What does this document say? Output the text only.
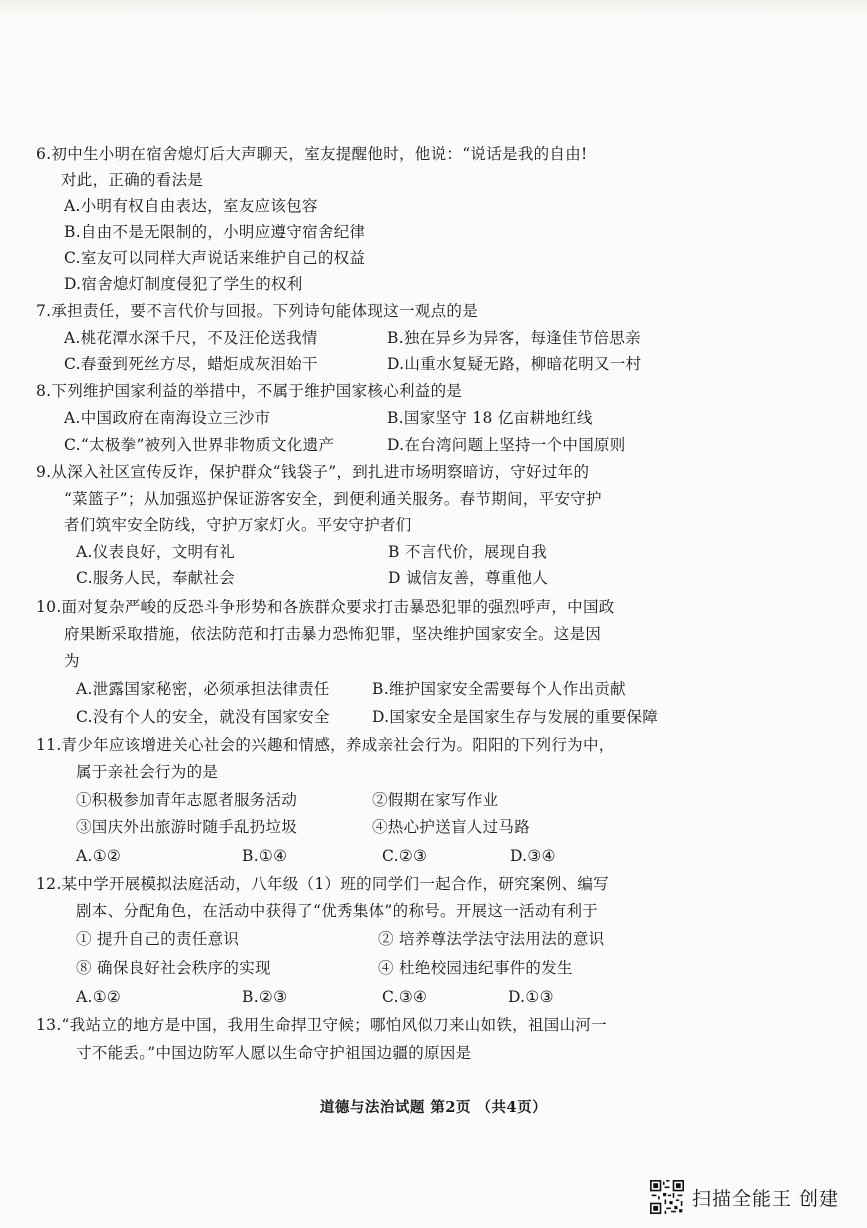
6.初中生小明在宿舍熄灯后大声聊天，室友提醒他时，他说：“说话是我的自由!
对此，正确的看法是
A.小明有权自由表达，室友应该包容
B.自由不是无限制的，小明应遵守宿舍纪律
C.室友可以同样大声说话来维护自己的权益
D.宿舍熄灯制度侵犯了学生的权利
7.承担责任，要不言代价与回报。下列诗句能体现这一观点的是
A.桃花潭水深千尺，不及汪伦送我情	B.独在异乡为异客，每逢佳节倍思亲
C.春蚕到死丝方尽，蜡炬成灰泪始干	D.山重水复疑无路，柳暗花明又一村
8.下列维护国家利益的举措中，不属于维护国家核心利益的是
A.中国政府在南海设立三沙市	B.国家坚守 18 亿亩耕地红线
C.“太极拳”被列入世界非物质文化遗产	D.在台湾问题上坚持一个中国原则
9.从深入社区宣传反诈，保护群众“钱袋子”，到扎进市场明察暗访，守好过年的
“菜篮子”；从加强巡护保证游客安全，到便利通关服务。春节期间，平安守护
者们筑牢安全防线，守护万家灯火。平安守护者们
A.仪表良好，文明有礼	B 不言代价，展现自我
C.服务人民，奉献社会	D 诚信友善，尊重他人
10.面对复杂严峻的反恐斗争形势和各族群众要求打击暴恐犯罪的强烈呼声，中国政
府果断采取措施，依法防范和打击暴力恐怖犯罪，坚决维护国家安全。这是因
为
A.泄露国家秘密，必须承担法律责任	B.维护国家安全需要每个人作出贡献
C.没有个人的安全，就没有国家安全	D.国家安全是国家生存与发展的重要保障
11.青少年应该增进关心社会的兴趣和情感，养成亲社会行为。阳阳的下列行为中，
属于亲社会行为的是
①积极参加青年志愿者服务活动	②假期在家写作业
③国庆外出旅游时随手乱扔垃圾	④热心护送盲人过马路
A.①②	B.①④	C.②③	D.③④
12.某中学开展模拟法庭活动，八年级（1）班的同学们一起合作，研究案例、编写
剧本、分配角色，在活动中获得了“优秀集体”的称号。开展这一活动有利于
① 提升自己的责任意识	② 培养尊法学法守法用法的意识
⑧ 确保良好社会秩序的实现	④ 杜绝校园违纪事件的发生
A.①②	B.②③	C.③④	D.①③
13.“我站立的地方是中国，我用生命捍卫守候；哪怕风似刀来山如铁，祖国山河一
寸不能丢。”中国边防军人愿以生命守护祖国边疆的原因是
道德与法治试题 第2页 （共4页）
扫描全能王 创建
